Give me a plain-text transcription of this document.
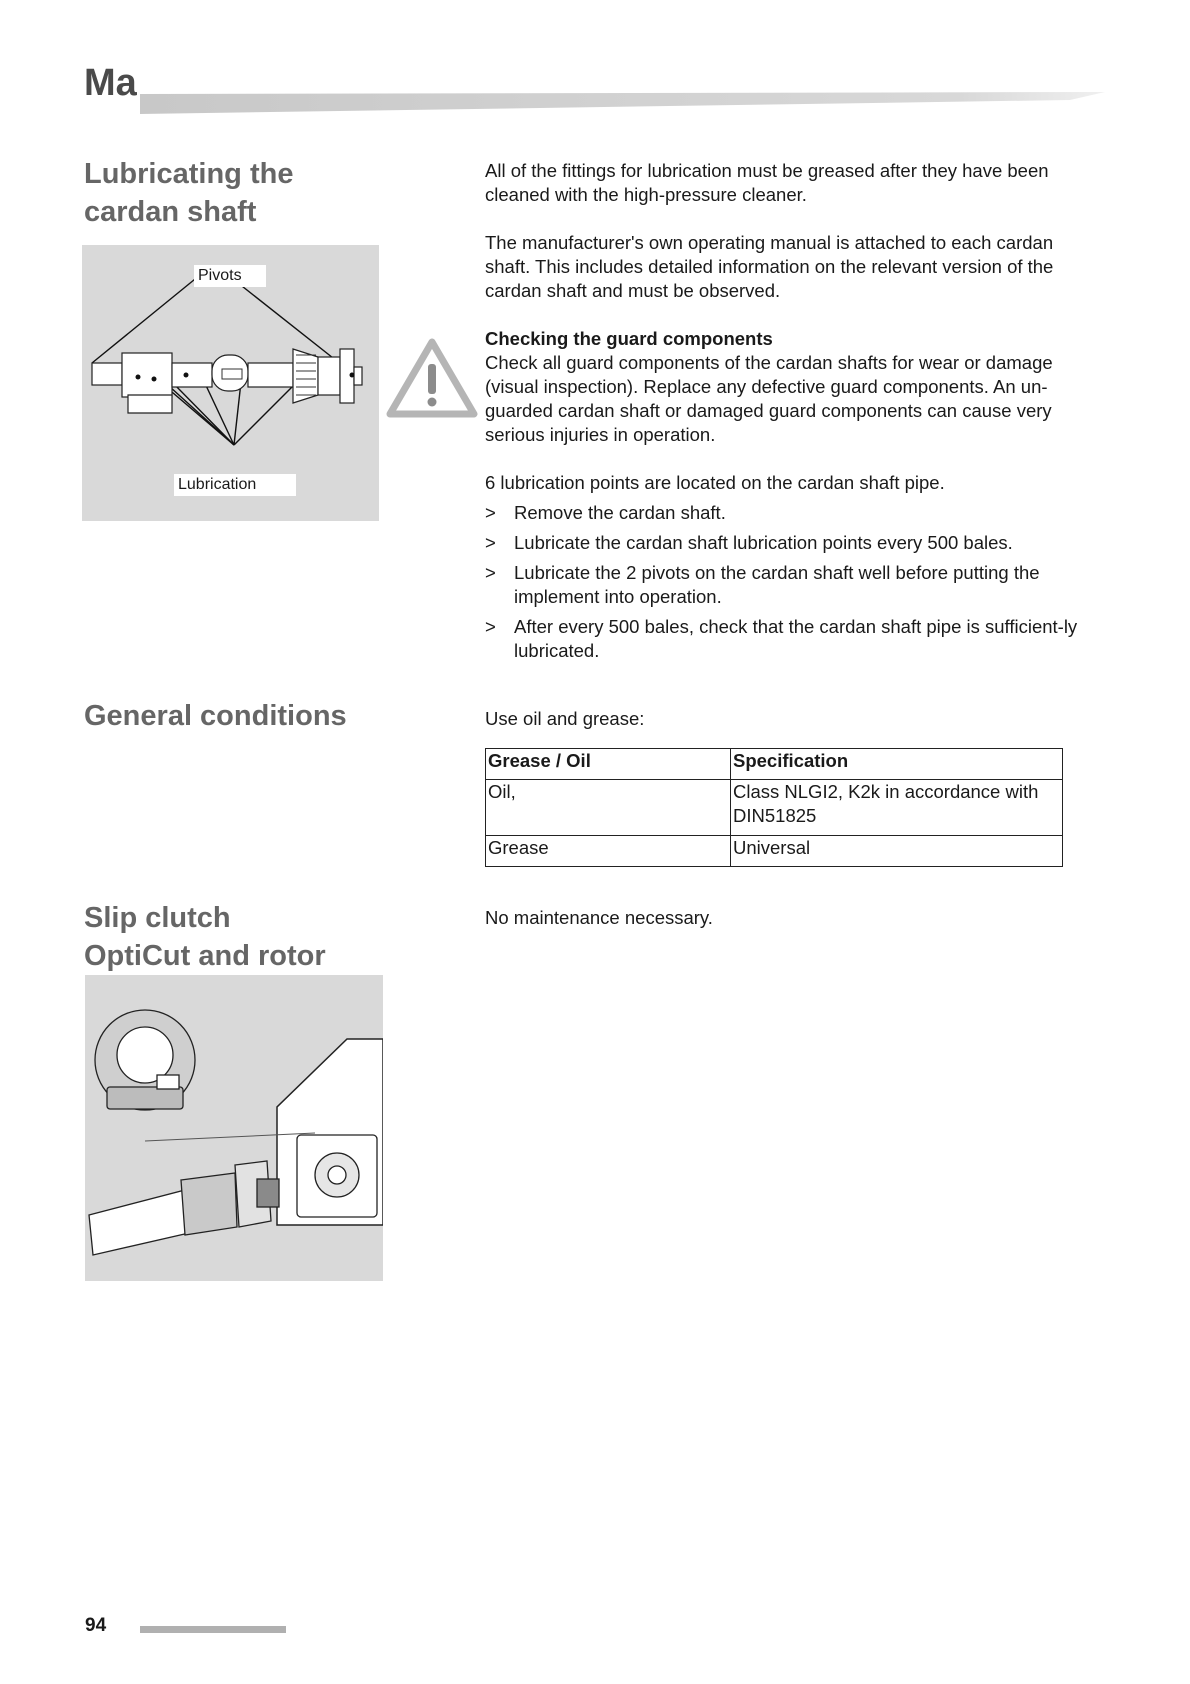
Ma
Lubricating the
cardan shaft
Pivots
Lubrication

All of the fittings for lubrication must be greased after they have been cleaned with the high-pressure cleaner.

The manufacturer's own operating manual is attached to each cardan shaft. This includes detailed information on the relevant version of the cardan shaft and must be observed.

Checking the guard components
Check all guard components of the cardan shafts for wear or damage (visual inspection). Replace any defective guard components. An un-guarded cardan shaft or damaged guard components can cause very serious injuries in operation.

6 lubrication points are located on the cardan shaft pipe.

> Remove the cardan shaft.
> Lubricate the cardan shaft lubrication points every 500 bales.
> Lubricate the 2 pivots on the cardan shaft well before putting the implement into operation.
> After every 500 bales, check that the cardan shaft pipe is sufficient-ly lubricated.
General conditions	Use oil and grease:
Grease / Oil	Specification
Oil,	Class NLGI2, K2k in accordance with DIN51825
Grease	Universal
Slip clutch
OptiCut and rotor
No maintenance necessary.
94
